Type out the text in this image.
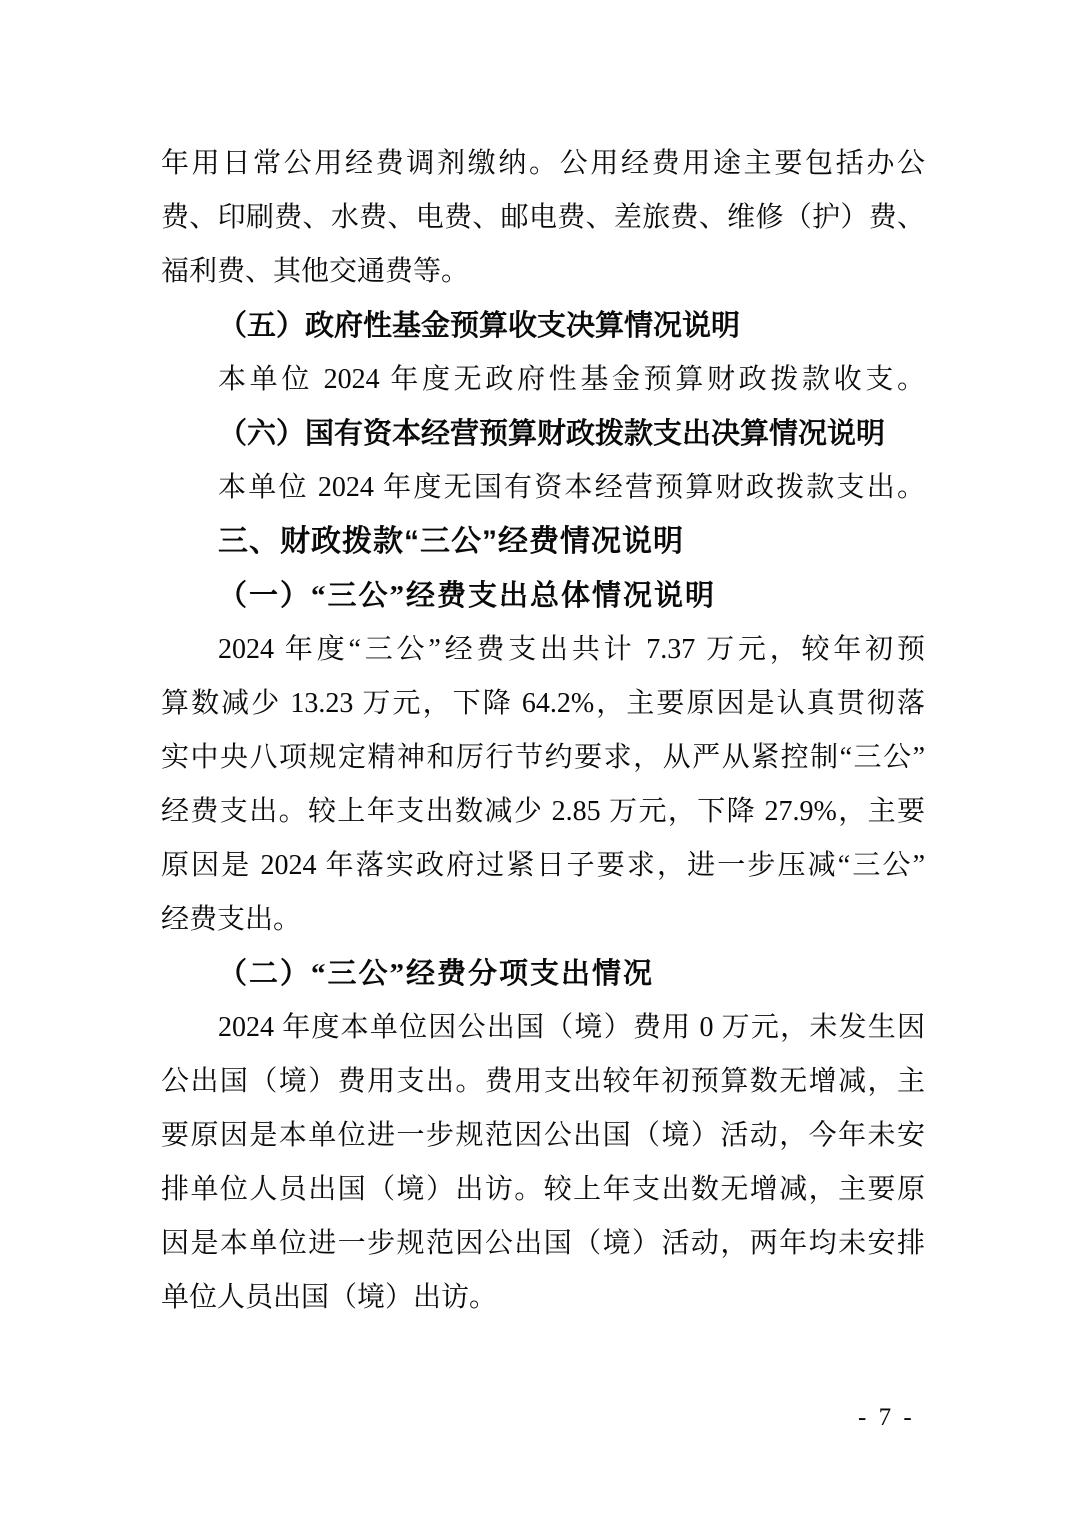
年用日常公用经费调剂缴纳。公用经费用途主要包括办公
费、印刷费、水费、电费、邮电费、差旅费、维修（护）费、
福利费、其他交通费等。
（五）政府性基金预算收支决算情况说明
本单位 2024 年度无政府性基金预算财政拨款收支。
（六）国有资本经营预算财政拨款支出决算情况说明
本单位 2024 年度无国有资本经营预算财政拨款支出。
三、财政拨款“三公”经费情况说明
（一）“三公”经费支出总体情况说明
2024 年度“三公”经费支出共计 7.37 万元，较年初预
算数减少 13.23 万元，下降 64.2%，主要原因是认真贯彻落
实中央八项规定精神和厉行节约要求，从严从紧控制“三公”
经费支出。较上年支出数减少 2.85 万元，下降 27.9%，主要
原因是 2024 年落实政府过紧日子要求，进一步压减“三公”
经费支出。
（二）“三公”经费分项支出情况
2024 年度本单位因公出国（境）费用 0 万元，未发生因
公出国（境）费用支出。费用支出较年初预算数无增减，主
要原因是本单位进一步规范因公出国（境）活动，今年未安
排单位人员出国（境）出访。较上年支出数无增减，主要原
因是本单位进一步规范因公出国（境）活动，两年均未安排
单位人员出国（境）出访。
- 7 -
